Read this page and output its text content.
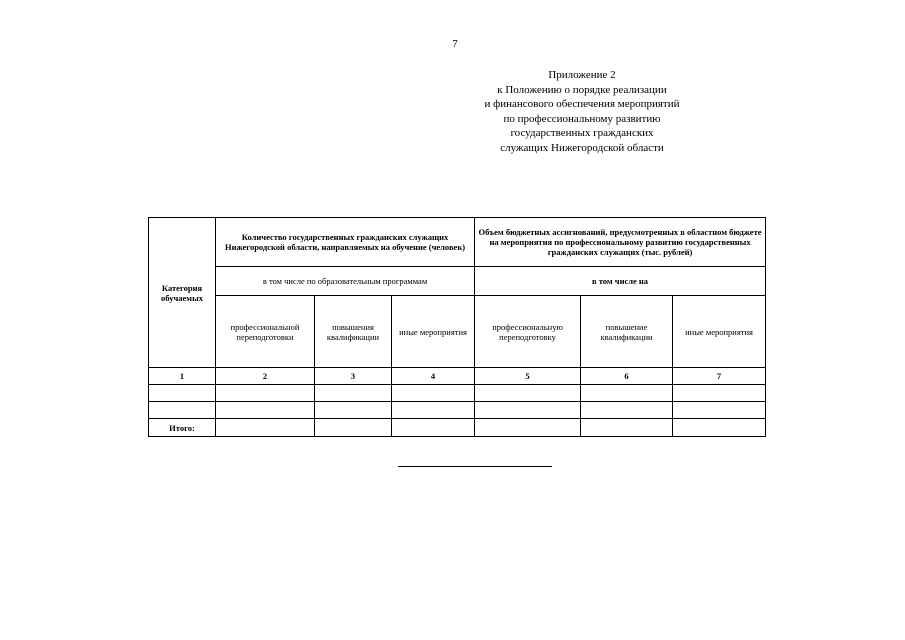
7
Приложение 2
к Положению о порядке реализации
и финансового обеспечения мероприятий
по профессиональному развитию
государственных гражданских
служащих Нижегородской области
Категория обучаемых	Количество государственных гражданских служащих Нижегородской области, направляемых на обучение (человек)			Объем бюджетных ассигнований, предусмотренных в областном бюджете на мероприятия по профессиональному развитию государственных гражданских служащих (тыс. рублей)		
	в том числе по образовательным программам			в том числе на		
	профессиональной переподготовки	повышения квалификации	иные мероприятия	профессиональную переподготовку	повышение квалификации	иные мероприятия
1	2	3	4	5	6	7

Итого:						
